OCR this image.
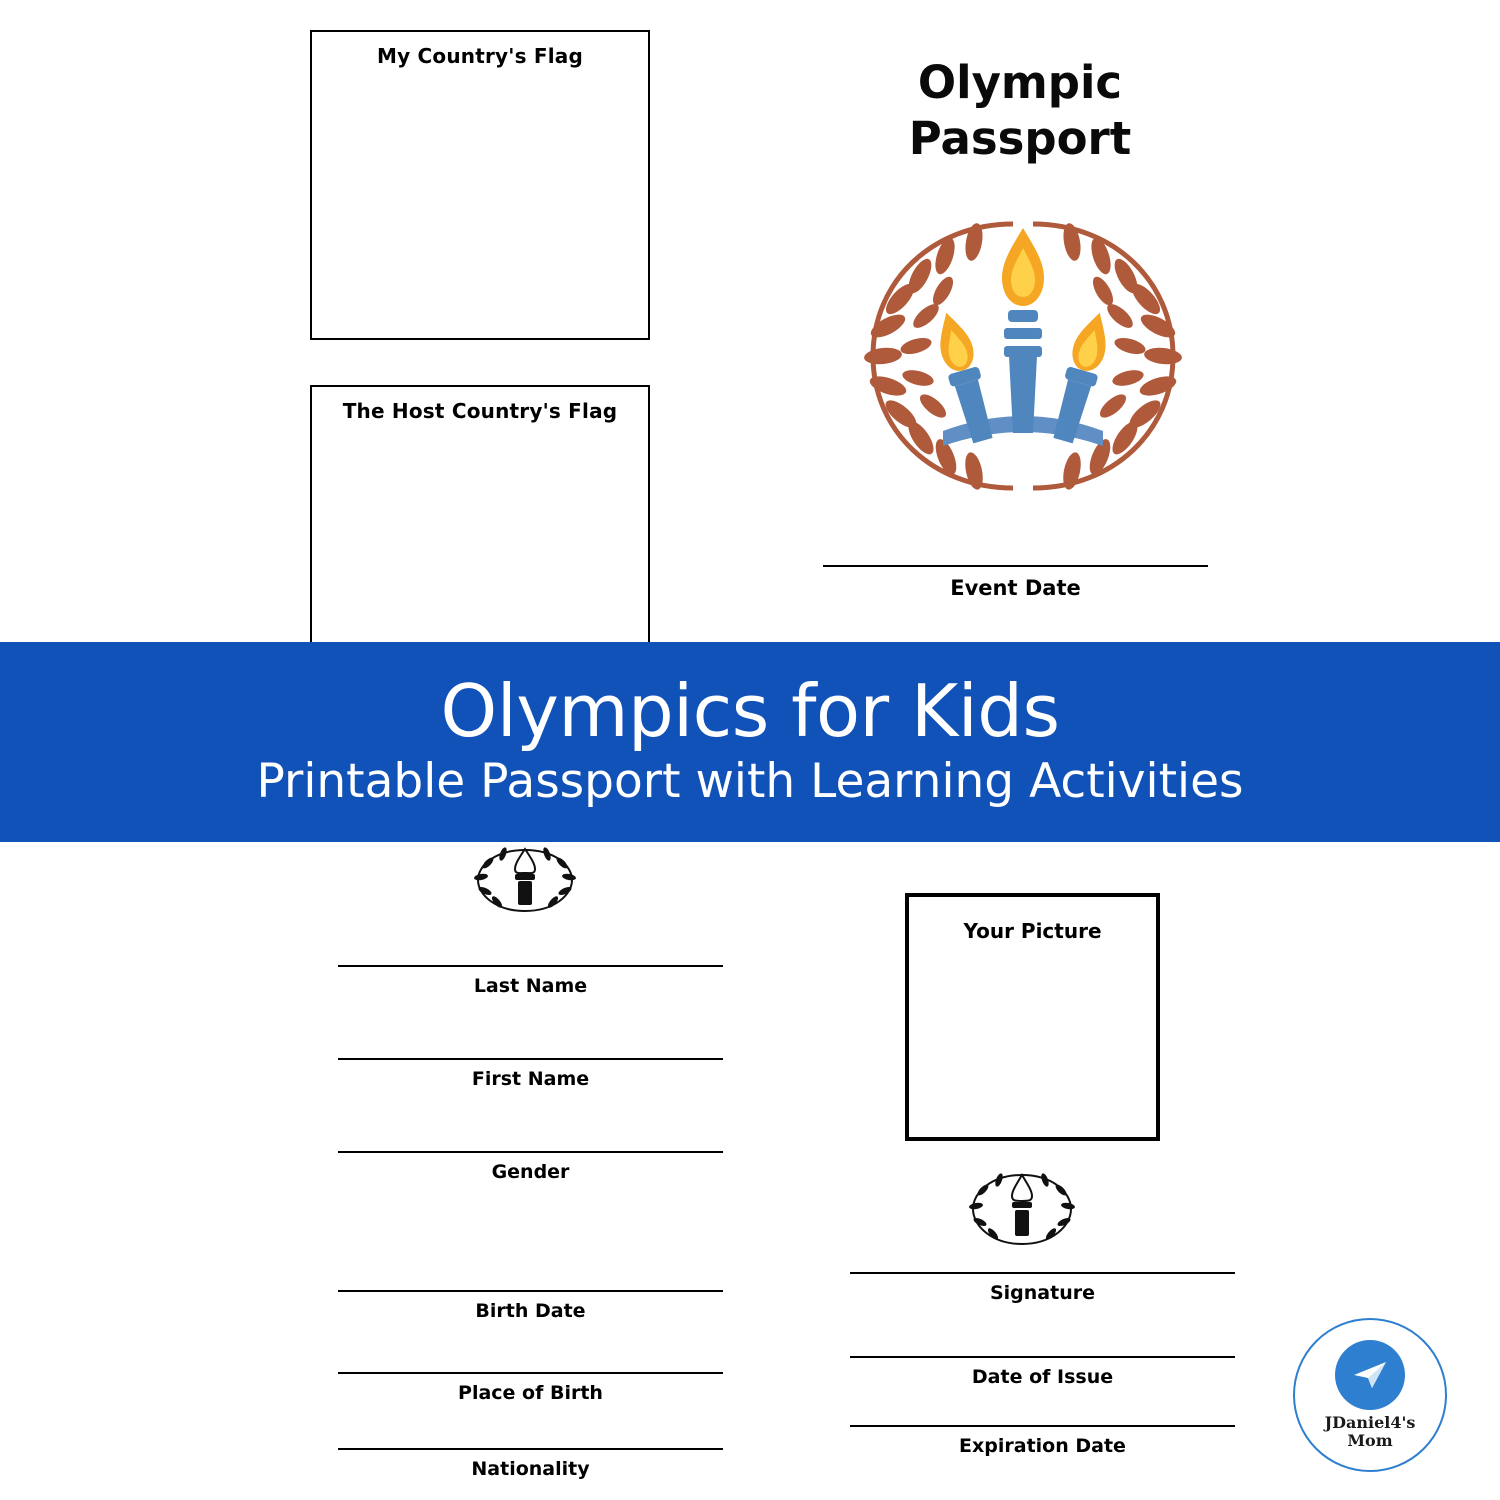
My Country's Flag
The Host Country's Flag
Olympic
Passport
Event Date
Olympics for Kids
Printable Passport with Learning Activities
Last Name
First Name
Gender
Birth Date
Place of Birth
Nationality
Your Picture
Signature
Date of Issue
Expiration Date
JDaniel4's
Mom
